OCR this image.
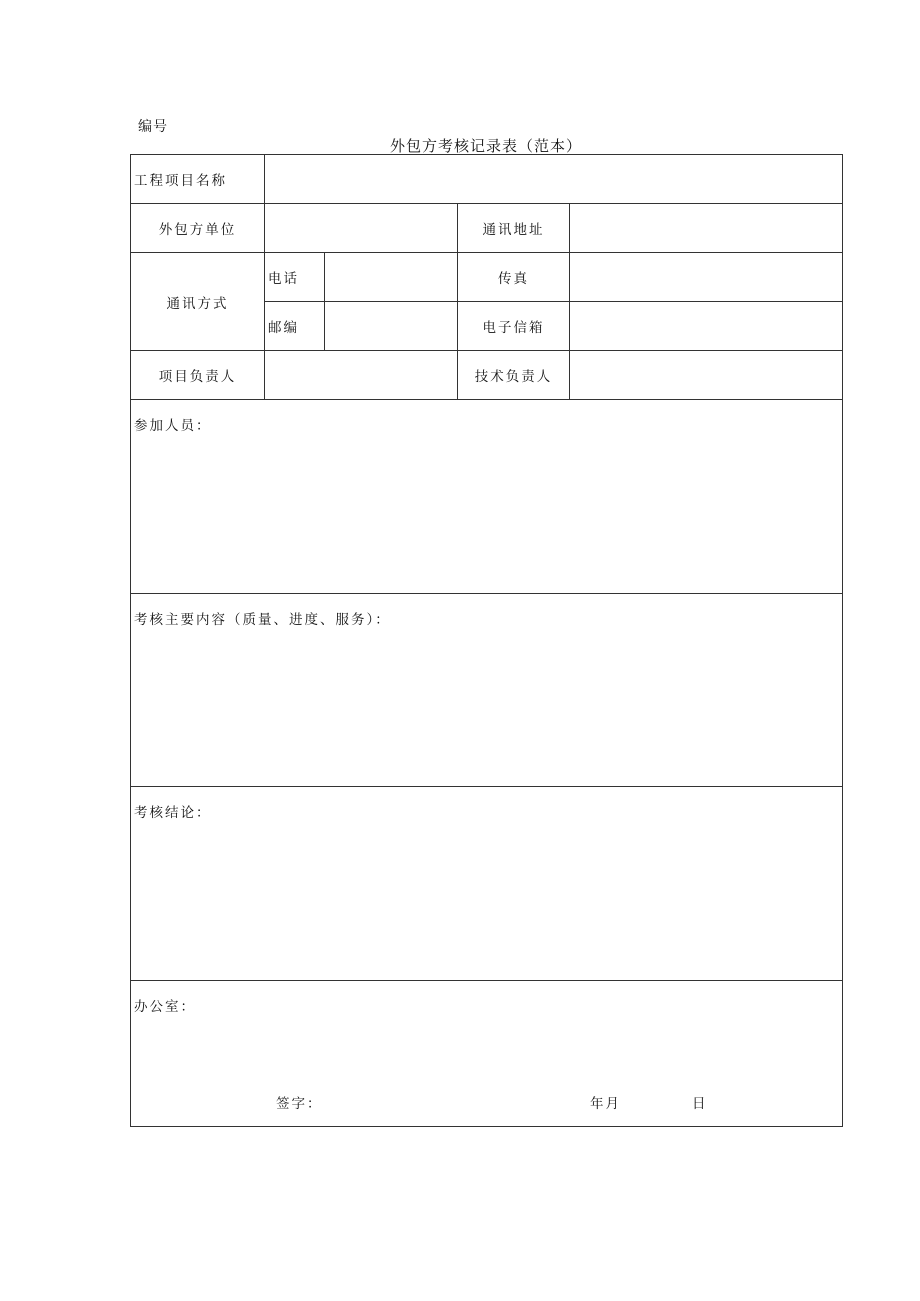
编号
外包方考核记录表（范本）
工程项目名称				
外包方单位			通讯地址	
通讯方式	电话		传真	
	邮编		电子信箱	
项目负责人			技术负责人	
参加人员：				
考核主要内容（质量、进度、服务）：				
考核结论：				

办公室：
签字： 年月 日				
